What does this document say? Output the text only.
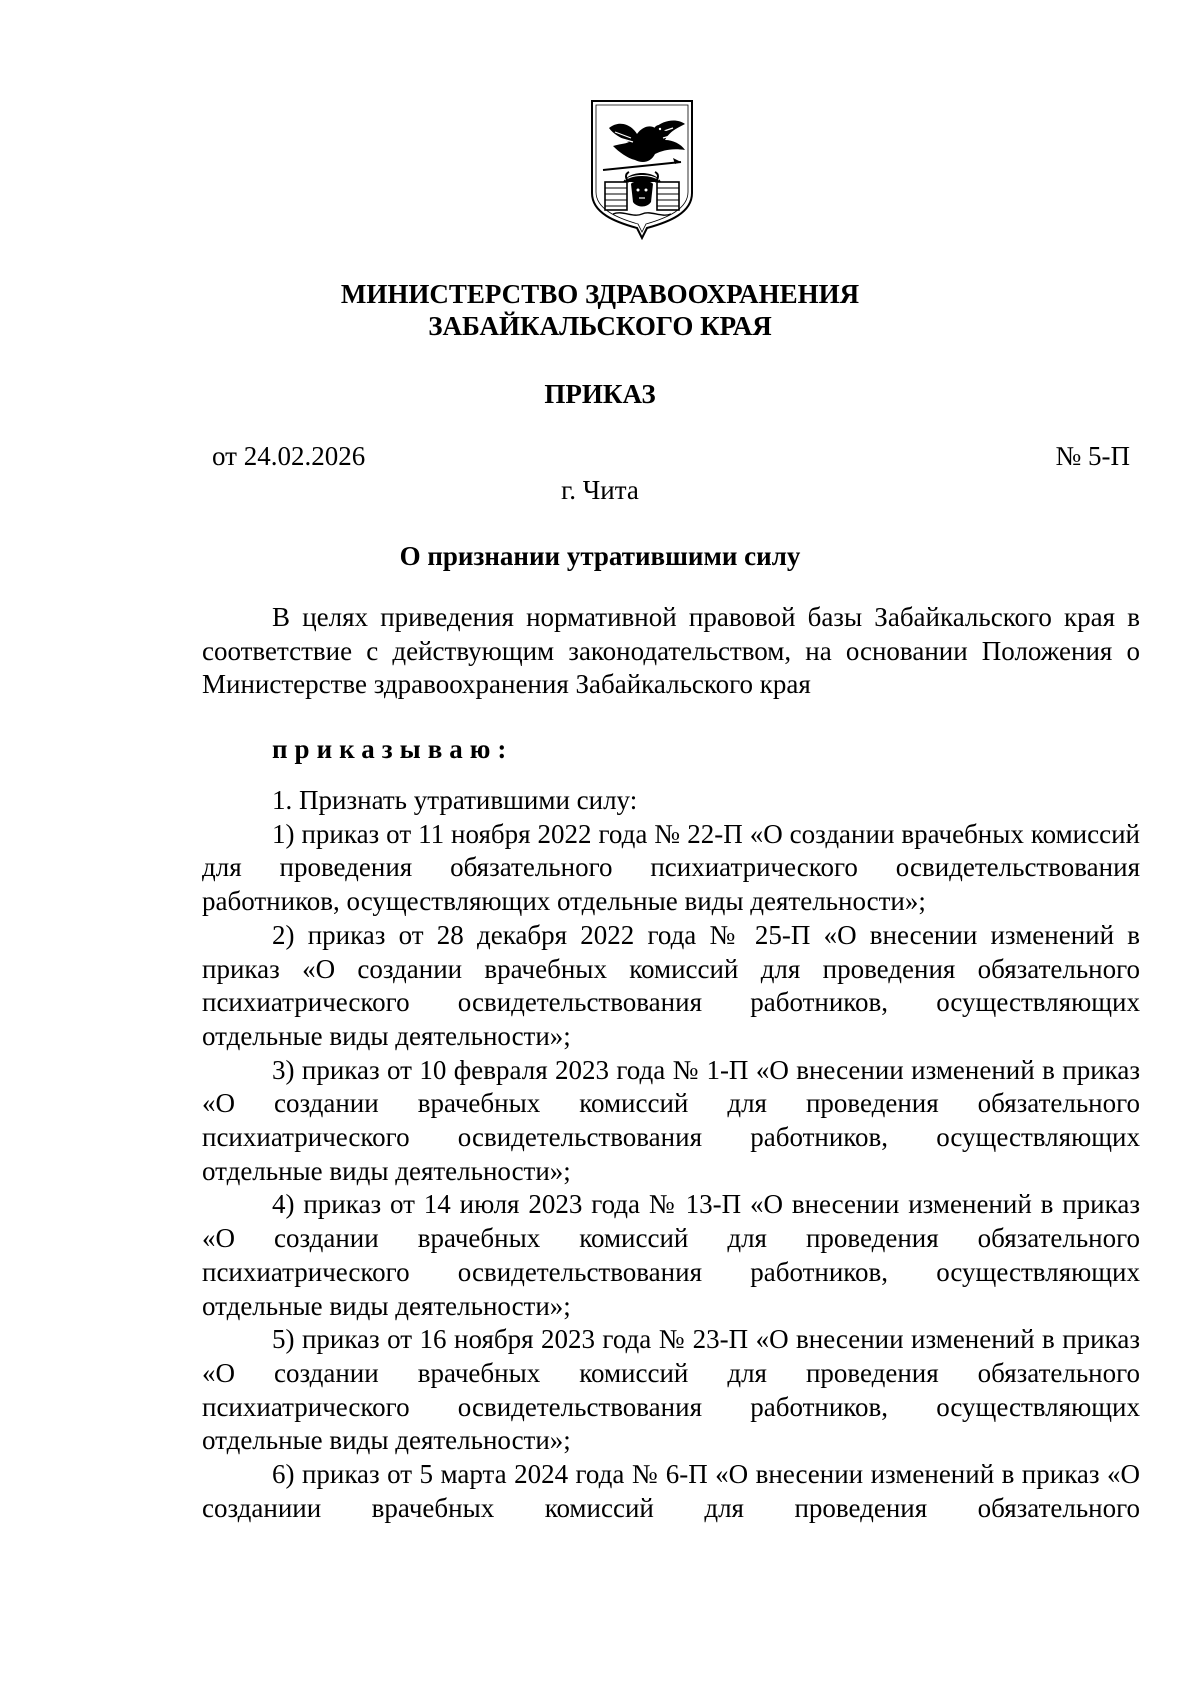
МИНИСТЕРСТВО ЗДРАВООХРАНЕНИЯ
ЗАБАЙКАЛЬСКОГО КРАЯ
ПРИКАЗ
от 24.02.2026	№ 5-П
г. Чита
О признании утратившими силу

В целях приведения нормативной правовой базы Забайкальского края в соответствие с действующим законодательством, на основании Положения о Министерстве здравоохранения Забайкальского края

приказываю:

1. Признать утратившими силу:

1) приказ от 11 ноября 2022 года № 22-П «О создании врачебных комиссий для проведения обязательного психиатрического освидетельствования работников, осуществляющих отдельные виды деятельности»;

2) приказ от 28 декабря 2022 года № 25-П «О внесении изменений в приказ «О создании врачебных комиссий для проведения обязательного психиатрического освидетельствования работников, осуществляющих отдельные виды деятельности»;

3) приказ от 10 февраля 2023 года № 1-П «О внесении изменений в приказ «О создании врачебных комиссий для проведения обязательного психиатрического освидетельствования работников, осуществляющих отдельные виды деятельности»;

4) приказ от 14 июля 2023 года № 13-П «О внесении изменений в приказ «О создании врачебных комиссий для проведения обязательного психиатрического освидетельствования работников, осуществляющих отдельные виды деятельности»;

5) приказ от 16 ноября 2023 года № 23-П «О внесении изменений в приказ «О создании врачебных комиссий для проведения обязательного психиатрического освидетельствования работников, осуществляющих отдельные виды деятельности»;

6) приказ от 5 марта 2024 года № 6-П «О внесении изменений в приказ «О созданиии врачебных комиссий для проведения обязательного
